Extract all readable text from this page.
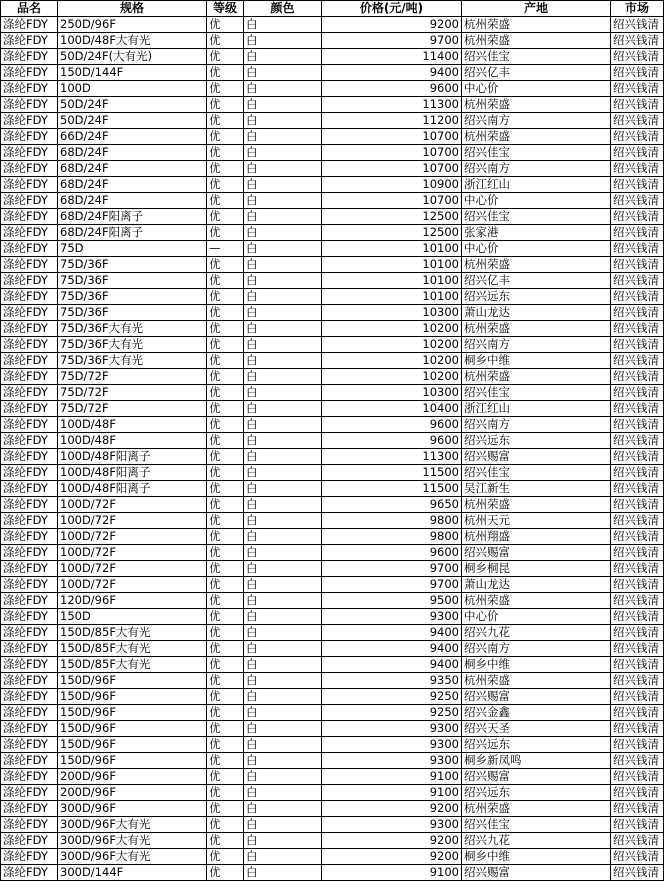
品名	规格	等级	颜色	价格(元/吨)	产地	市场
涤纶FDY	250D/96F	优	白	9200	杭州荣盛	绍兴钱清
涤纶FDY	100D/48F大有光	优	白	9700	杭州荣盛	绍兴钱清
涤纶FDY	50D/24F(大有光)	优	白	11400	绍兴佳宝	绍兴钱清
涤纶FDY	150D/144F	优	白	9400	绍兴亿丰	绍兴钱清
涤纶FDY	100D	优	白	9600	中心价	绍兴钱清
涤纶FDY	50D/24F	优	白	11300	杭州荣盛	绍兴钱清
涤纶FDY	50D/24F	优	白	11200	绍兴南方	绍兴钱清
涤纶FDY	66D/24F	优	白	10700	杭州荣盛	绍兴钱清
涤纶FDY	68D/24F	优	白	10700	绍兴佳宝	绍兴钱清
涤纶FDY	68D/24F	优	白	10700	绍兴南方	绍兴钱清
涤纶FDY	68D/24F	优	白	10900	浙江红山	绍兴钱清
涤纶FDY	68D/24F	优	白	10700	中心价	绍兴钱清
涤纶FDY	68D/24F阳离子	优	白	12500	绍兴佳宝	绍兴钱清
涤纶FDY	68D/24F阳离子	优	白	12500	张家港	绍兴钱清
涤纶FDY	75D	—	白	10100	中心价	绍兴钱清
涤纶FDY	75D/36F	优	白	10100	杭州荣盛	绍兴钱清
涤纶FDY	75D/36F	优	白	10100	绍兴亿丰	绍兴钱清
涤纶FDY	75D/36F	优	白	10100	绍兴远东	绍兴钱清
涤纶FDY	75D/36F	优	白	10300	萧山龙达	绍兴钱清
涤纶FDY	75D/36F大有光	优	白	10200	杭州荣盛	绍兴钱清
涤纶FDY	75D/36F大有光	优	白	10200	绍兴南方	绍兴钱清
涤纶FDY	75D/36F大有光	优	白	10200	桐乡中维	绍兴钱清
涤纶FDY	75D/72F	优	白	10200	杭州荣盛	绍兴钱清
涤纶FDY	75D/72F	优	白	10300	绍兴佳宝	绍兴钱清
涤纶FDY	75D/72F	优	白	10400	浙江红山	绍兴钱清
涤纶FDY	100D/48F	优	白	9600	绍兴南方	绍兴钱清
涤纶FDY	100D/48F	优	白	9600	绍兴远东	绍兴钱清
涤纶FDY	100D/48F阳离子	优	白	11300	绍兴赐富	绍兴钱清
涤纶FDY	100D/48F阳离子	优	白	11500	绍兴佳宝	绍兴钱清
涤纶FDY	100D/48F阳离子	优	白	11500	吴江新生	绍兴钱清
涤纶FDY	100D/72F	优	白	9650	杭州荣盛	绍兴钱清
涤纶FDY	100D/72F	优	白	9800	杭州天元	绍兴钱清
涤纶FDY	100D/72F	优	白	9800	杭州翔盛	绍兴钱清
涤纶FDY	100D/72F	优	白	9600	绍兴赐富	绍兴钱清
涤纶FDY	100D/72F	优	白	9700	桐乡桐昆	绍兴钱清
涤纶FDY	100D/72F	优	白	9700	萧山龙达	绍兴钱清
涤纶FDY	120D/96F	优	白	9500	杭州荣盛	绍兴钱清
涤纶FDY	150D	优	白	9300	中心价	绍兴钱清
涤纶FDY	150D/85F大有光	优	白	9400	绍兴九花	绍兴钱清
涤纶FDY	150D/85F大有光	优	白	9400	绍兴南方	绍兴钱清
涤纶FDY	150D/85F大有光	优	白	9400	桐乡中维	绍兴钱清
涤纶FDY	150D/96F	优	白	9350	杭州荣盛	绍兴钱清
涤纶FDY	150D/96F	优	白	9250	绍兴赐富	绍兴钱清
涤纶FDY	150D/96F	优	白	9250	绍兴金鑫	绍兴钱清
涤纶FDY	150D/96F	优	白	9300	绍兴天圣	绍兴钱清
涤纶FDY	150D/96F	优	白	9300	绍兴远东	绍兴钱清
涤纶FDY	150D/96F	优	白	9300	桐乡新凤鸣	绍兴钱清
涤纶FDY	200D/96F	优	白	9100	绍兴赐富	绍兴钱清
涤纶FDY	200D/96F	优	白	9100	绍兴远东	绍兴钱清
涤纶FDY	300D/96F	优	白	9200	杭州荣盛	绍兴钱清
涤纶FDY	300D/96F大有光	优	白	9300	绍兴佳宝	绍兴钱清
涤纶FDY	300D/96F大有光	优	白	9200	绍兴九花	绍兴钱清
涤纶FDY	300D/96F大有光	优	白	9200	桐乡中维	绍兴钱清
涤纶FDY	300D/144F	优	白	9100	绍兴赐富	绍兴钱清
